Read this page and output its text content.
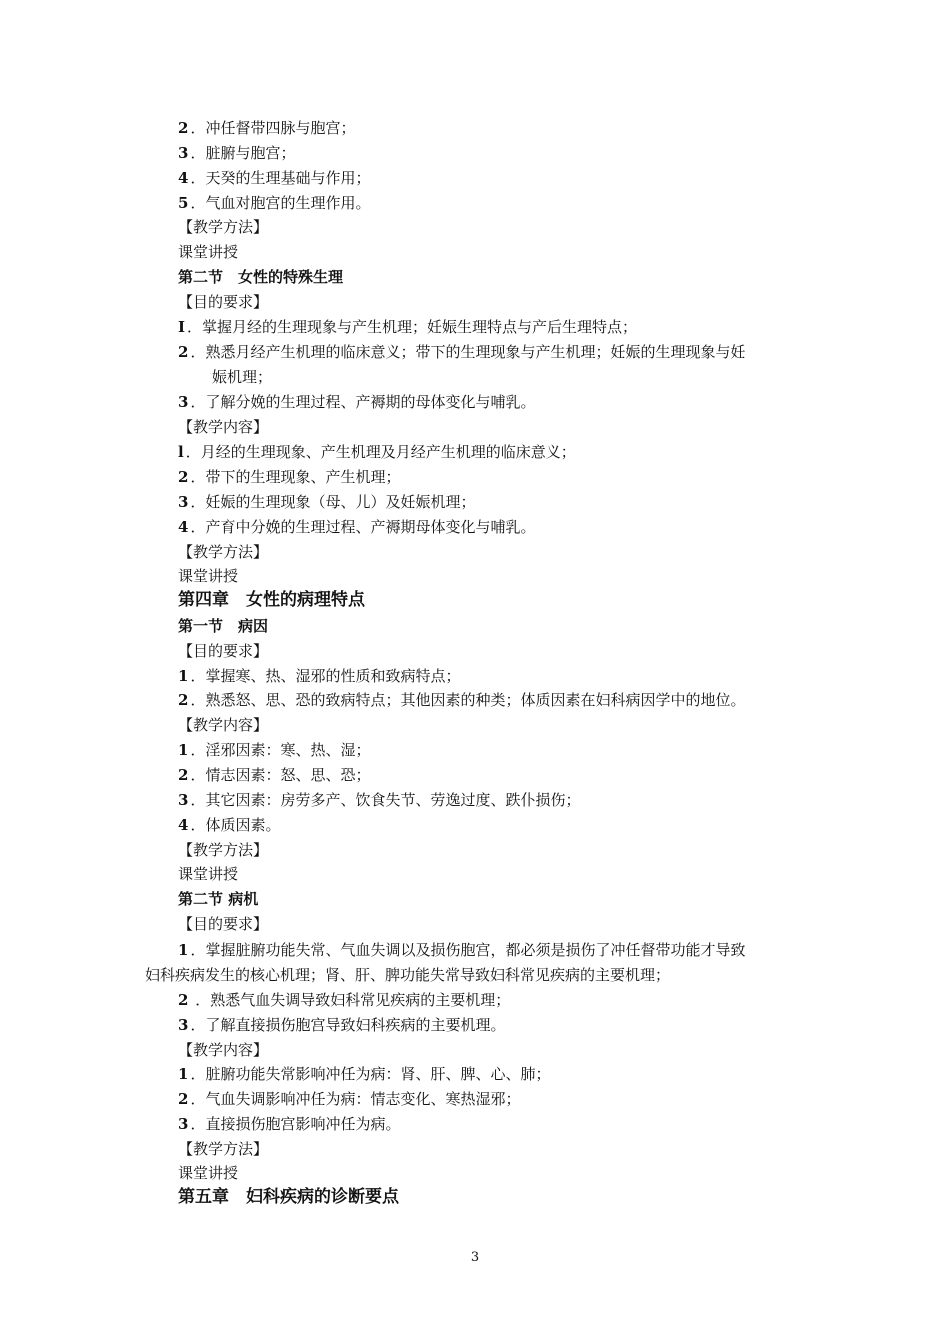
2 ．冲任督带四脉与胞宫；
3 ．脏腑与胞宫；
4 ．天癸的生理基础与作用；
5 ．气血对胞宫的生理作用。
【教学方法】
课堂讲授
第二节　女性的特殊生理
【目的要求】
I ．掌握月经的生理现象与产生机理；妊娠生理特点与产后生理特点；
2 ．熟悉月经产生机理的临床意义；带下的生理现象与产生机理；妊娠的生理现象与妊
娠机理；
3 ．了解分娩的生理过程、产褥期的母体变化与哺乳。
【教学内容】
l ．月经的生理现象、产生机理及月经产生机理的临床意义；
2 ．带下的生理现象、产生机理；
3 ．妊娠的生理现象（母、儿）及妊娠机理；
4 ．产育中分娩的生理过程、产褥期母体变化与哺乳。
【教学方法】
课堂讲授
第四章　女性的病理特点
第一节　病因
【目的要求】
1 ．掌握寒、热、湿邪的性质和致病特点；
2 ．熟悉怒、思、恐的致病特点；其他因素的种类；体质因素在妇科病因学中的地位。
【教学内容】
1 ．淫邪因素：寒、热、湿；
2 ．情志因素：怒、思、恐；
3 ．其它因素：房劳多产、饮食失节、劳逸过度、跌仆损伤；
4 ．体质因素。
【教学方法】
课堂讲授
第二节 病机
【目的要求】
1 ．掌握脏腑功能失常、气血失调以及损伤胞宫，都必须是损伤了冲任督带功能才导致
妇科疾病发生的核心机理；肾、肝、脾功能失常导致妇科常见疾病的主要机理；
2 ．熟悉气血失调导致妇科常见疾病的主要机理；
3 ．了解直接损伤胞宫导致妇科疾病的主要机理。
【教学内容】
1 ．脏腑功能失常影响冲任为病：肾、肝、脾、心、肺；
2 ．气血失调影响冲任为病：情志变化、寒热湿邪；
3 ．直接损伤胞宫影响冲任为病。
【教学方法】
课堂讲授
第五章　妇科疾病的诊断要点
3
